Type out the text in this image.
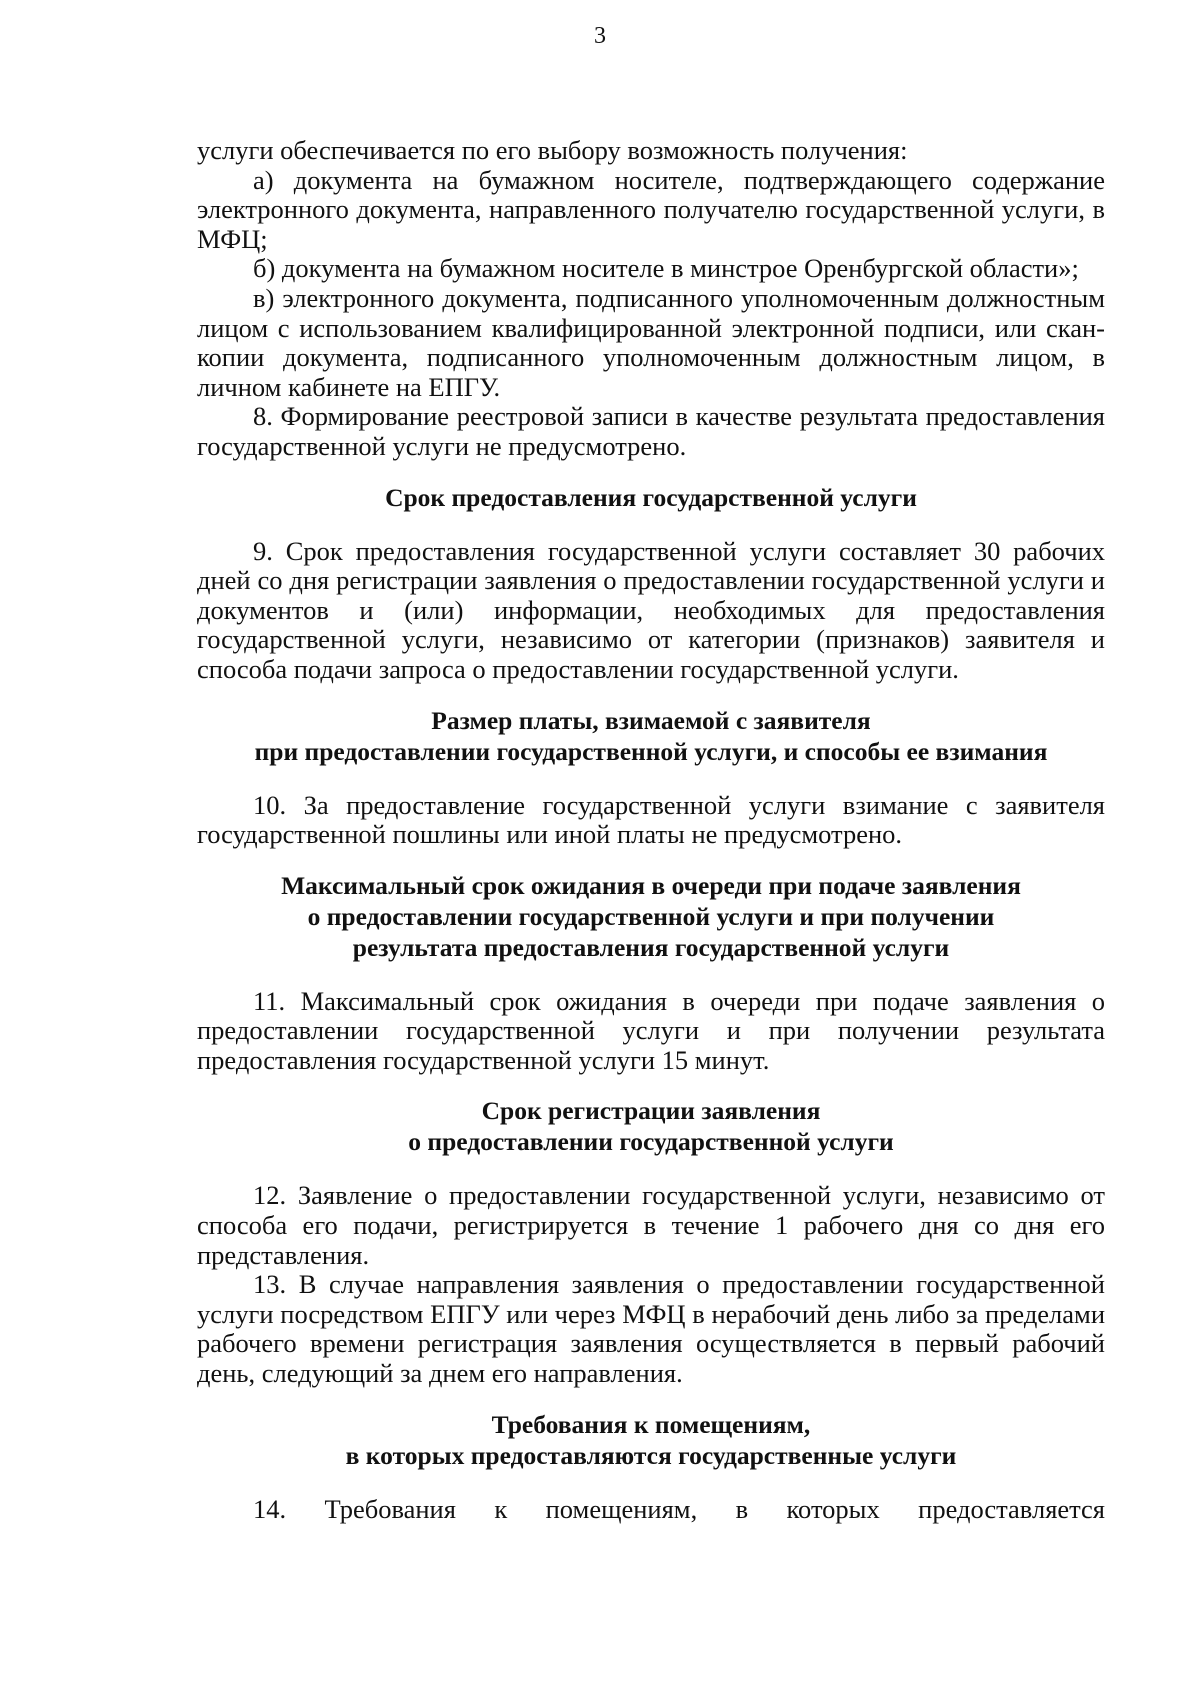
3

услуги обеспечивается по его выбору возможность получения:

а) документа на бумажном носителе, подтверждающего содержание электронного документа, направленного получателю государственной услуги, в МФЦ;

б) документа на бумажном носителе в минстрое Оренбургской области»;

в) электронного документа, подписанного уполномоченным должностным лицом с использованием квалифицированной электронной подписи, или скан-копии документа, подписанного уполномоченным должностным лицом, в личном кабинете на ЕПГУ.

8. Формирование реестровой записи в качестве результата предоставления государственной услуги не предусмотрено.

Срок предоставления государственной услуги

9. Срок предоставления государственной услуги составляет 30 рабочих дней со дня регистрации заявления о предоставлении государственной услуги и документов и (или) информации, необходимых для предоставления государственной услуги, независимо от категории (признаков) заявителя и способа подачи запроса о предоставлении государственной услуги.

Размер платы, взимаемой с заявителя
при предоставлении государственной услуги, и способы ее взимания

10. За предоставление государственной услуги взимание с заявителя государственной пошлины или иной платы не предусмотрено.

Максимальный срок ожидания в очереди при подаче заявления
о предоставлении государственной услуги и при получении
результата предоставления государственной услуги

11. Максимальный срок ожидания в очереди при подаче заявления о предоставлении государственной услуги и при получении результата предоставления государственной услуги 15 минут.

Срок регистрации заявления
о предоставлении государственной услуги

12. Заявление о предоставлении государственной услуги, независимо от способа его подачи, регистрируется в течение 1 рабочего дня со дня его представления.

13. В случае направления заявления о предоставлении государственной услуги посредством ЕПГУ или через МФЦ в нерабочий день либо за пределами рабочего времени регистрация заявления осуществляется в первый рабочий день, следующий за днем его направления.

Требования к помещениям,
в которых предоставляются государственные услуги

14. Требования к помещениям, в которых предоставляется
